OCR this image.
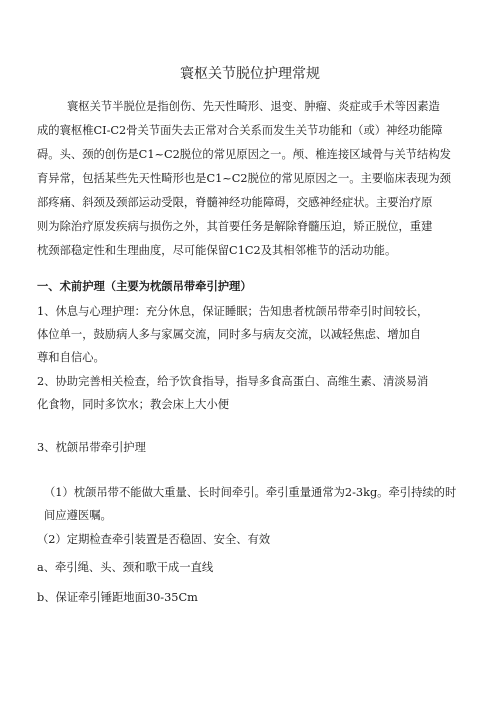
寰枢关节脱位护理常规
寰枢关节半脱位是指创伤、先天性畸形、退变、肿瘤、炎症或手术等因素造
成的寰枢椎CI-C2骨关节面失去正常对合关系而发生关节功能和（或）神经功能障
碍。头、颈的创伤是C1~C2脱位的常见原因之一。颅、椎连接区域骨与关节结构发
育异常，包括某些先天性畸形也是C1~C2脱位的常见原因之一。主要临床表现为颈
部疼痛、斜颈及颈部运动受限，脊髓神经功能障碍，交感神经症状。主要治疗原
则为除治疗原发疾病与损伤之外，其首要任务是解除脊髓压迫，矫正脱位，重建
枕颈部稳定性和生理曲度，尽可能保留C1C2及其相邻椎节的活动功能。
一、术前护理（主要为枕颌吊带牵引护理）
1、休息与心理护理：充分休息，保证睡眠；告知患者枕颌吊带牵引时间较长，
体位单一，鼓励病人多与家属交流，同时多与病友交流，以减轻焦虑、增加自
尊和自信心。
2、协助完善相关检查，给予饮食指导，指导多食高蛋白、高维生素、清淡易消
化食物，同时多饮水；教会床上大小便
3、枕颌吊带牵引护理
（1）枕颌吊带不能做大重量、长时间牵引。牵引重量通常为2-3kg。牵引持续的时
间应遵医嘱。
（2）定期检查牵引装置是否稳固、安全、有效
a、牵引绳、头、颈和歌干成一直线
b、保证牵引锤距地面30-35Cm
